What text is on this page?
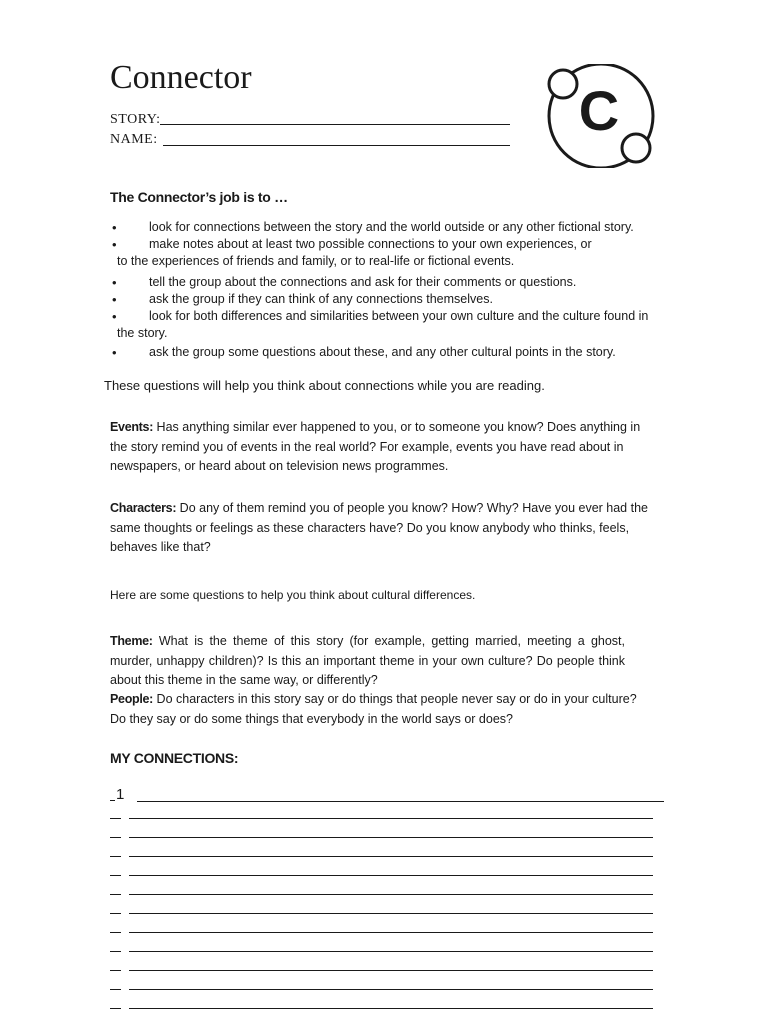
Connector
STORY:
NAME:	C
The Connector’s job is to …
•	look for connections between the story and the world outside or any other fictional story.
•	make notes about at least two possible connections to your own experiences, or
to the experiences of friends and family, or to real-life or fictional events.
•	tell the group about the connections and ask for their comments or questions.
•	ask the group if they can think of any connections themselves.
•	look for both differences and similarities between your own culture and the culture found in
the story.
•	ask the group some questions about these, and any other cultural points in the story.
These questions will help you think about connections while you are reading.
Events: Has anything similar ever happened to you, or to someone you know? Does anything in the story remind you of events in the real world? For example, events you have read about in newspapers, or heard about on television news programmes.
Characters: Do any of them remind you of people you know? How? Why? Have you ever had the same thoughts or feelings as these characters have? Do you know anybody who thinks, feels, behaves like that?
Here are some questions to help you think about cultural differences.
Theme: What is the theme of this story (for example, getting married, meeting a ghost, murder, unhappy children)? Is this an important theme in your own culture? Do people think about this theme in the same way, or differently?
People: Do characters in this story say or do things that people never say or do in your culture?
Do they say or do some things that everybody in the world says or does?
MY CONNECTIONS:
1
